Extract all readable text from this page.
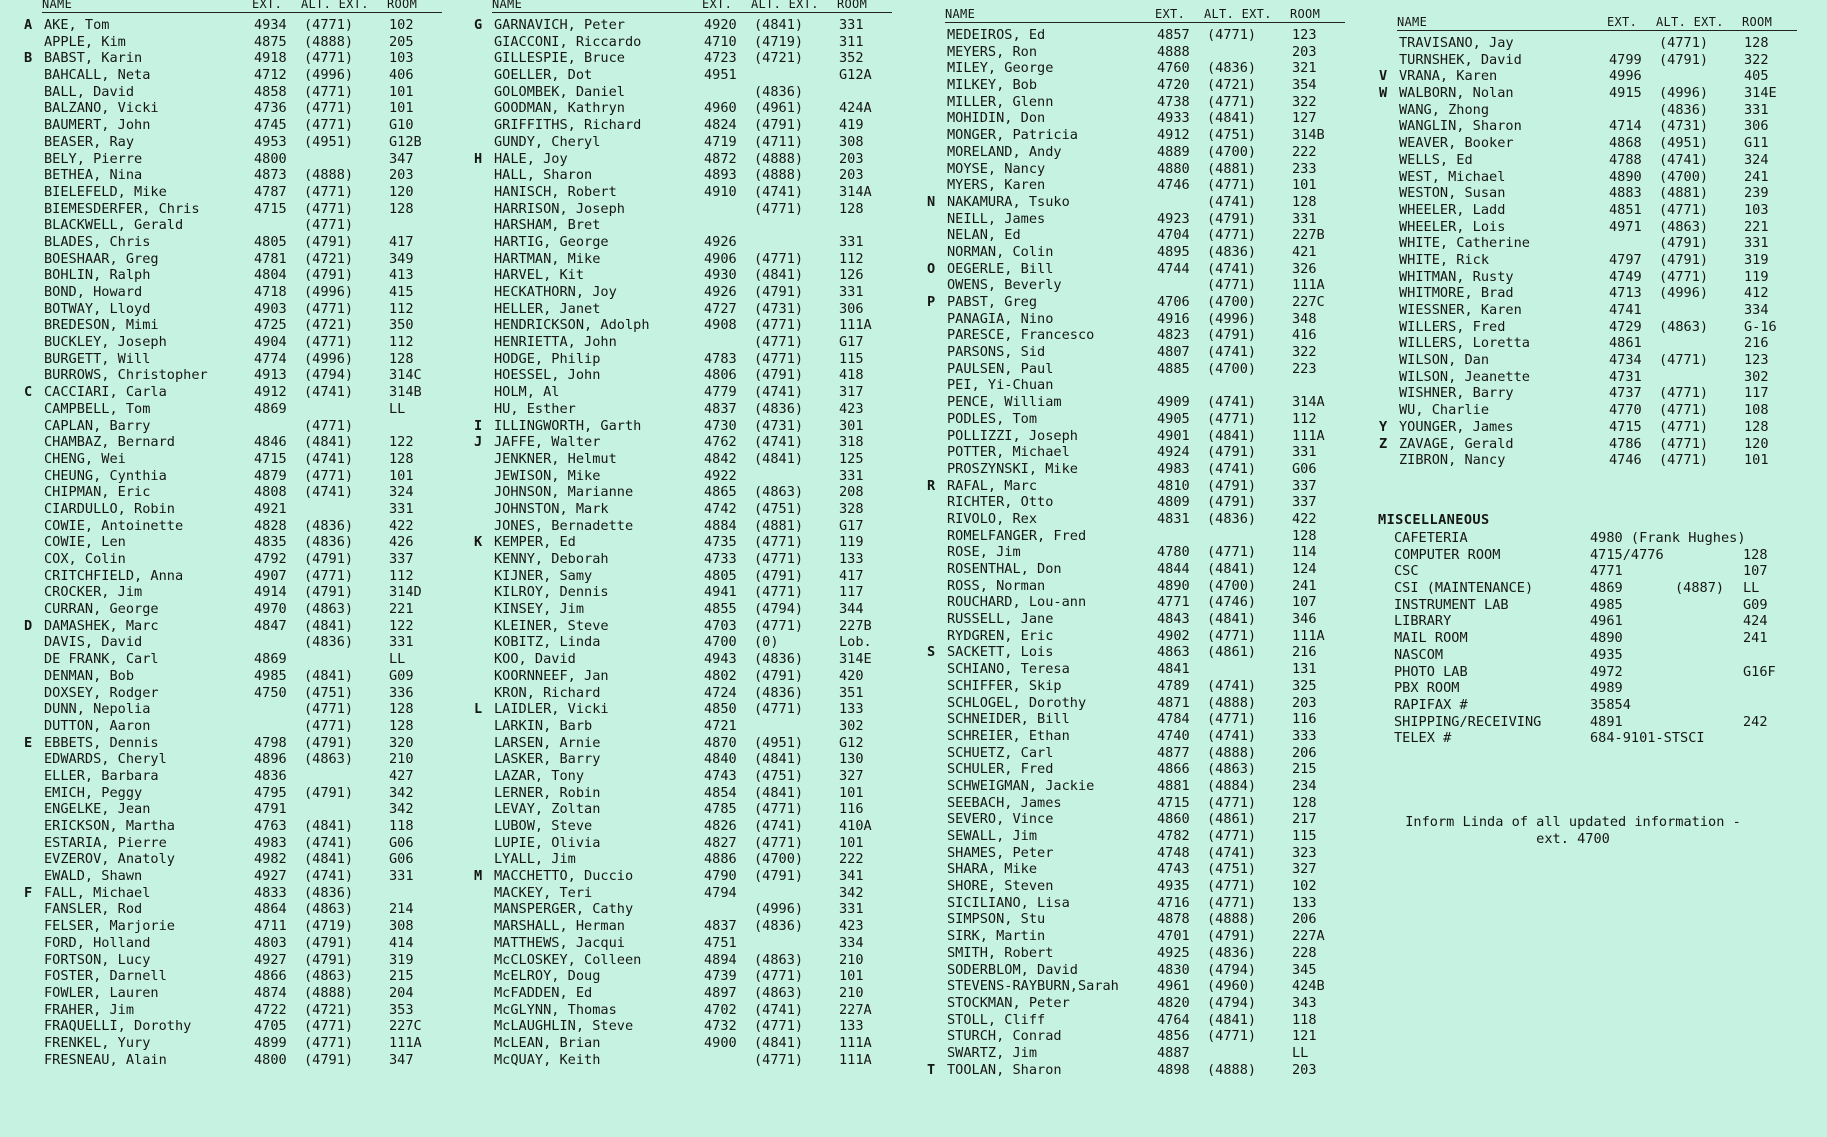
NAME	EXT. ALT. EXT. ROOM
A AKE, Tom	4934 (4771)	102
APPLE, Kim	4875 (4888)	205
B BABST, Karin	4918 (4771)	103
BAHCALL, Neta	4712 (4996)	406
BALL, David	4858 (4771)	101
BALZANO, Vicki	4736 (4771)	101
BAUMERT, John	4745 (4771)	G10
BEASER, Ray	4953 (4951)	G12B
BELY, Pierre	4800	347
BETHEA, Nina	4873 (4888)	203
BIELEFELD, Mike	4787 (4771)	120
BIEMESDERFER, Chris	4715 (4771)	128
BLACKWELL, Gerald	(4771)
BLADES, Chris	4805 (4791)	417
BOESHAAR, Greg	4781 (4721)	349
BOHLIN, Ralph	4804 (4791)	413
BOND, Howard	4718 (4996)	415
BOTWAY, Lloyd	4903 (4771)	112
BREDESON, Mimi	4725 (4721)	350
BUCKLEY, Joseph	4904 (4771)	112
BURGETT, Will	4774 (4996)	128
BURROWS, Christopher	4913 (4794)	314C
C CACCIARI, Carla	4912 (4741)	314B
CAMPBELL, Tom	4869	LL
CAPLAN, Barry	(4771)
CHAMBAZ, Bernard	4846 (4841)	122
CHENG, Wei	4715 (4741)	128
CHEUNG, Cynthia	4879 (4771)	101
CHIPMAN, Eric	4808 (4741)	324
CIARDULLO, Robin	4921	331
COWIE, Antoinette	4828 (4836)	422
COWIE, Len	4835 (4836)	426
COX, Colin	4792 (4791)	337
CRITCHFIELD, Anna	4907 (4771)	112
CROCKER, Jim	4914 (4791)	314D
CURRAN, George	4970 (4863)	221
D DAMASHEK, Marc	4847 (4841)	122
DAVIS, David	(4836)	331
DE FRANK, Carl	4869	LL
DENMAN, Bob	4985 (4841)	G09
DOXSEY, Rodger	4750 (4751)	336
DUNN, Nepolia	(4771)	128
DUTTON, Aaron	(4771)	128
E EBBETS, Dennis	4798 (4791)	320
EDWARDS, Cheryl	4896 (4863)	210
ELLER, Barbara	4836	427
EMICH, Peggy	4795 (4791)	342
ENGELKE, Jean	4791	342
ERICKSON, Martha	4763 (4841)	118
ESTARIA, Pierre	4983 (4741)	G06
EVZEROV, Anatoly	4982 (4841)	G06
EWALD, Shawn	4927 (4741)	331
F FALL, Michael	4833 (4836)
FANSLER, Rod	4864 (4863)	214
FELSER, Marjorie	4711 (4719)	308
FORD, Holland	4803 (4791)	414
FORTSON, Lucy	4927 (4791)	319
FOSTER, Darnell	4866 (4863)	215
FOWLER, Lauren	4874 (4888)	204
FRAHER, Jim	4722 (4721)	353
FRAQUELLI, Dorothy	4705 (4771)	227C
FRENKEL, Yury	4899 (4771)	111A
FRESNEAU, Alain	4800 (4791)	347
NAME	EXT. ALT. EXT. ROOM
G GARNAVICH, Peter	4920 (4841)	331
GIACCONI, Riccardo	4710 (4719)	311
GILLESPIE, Bruce	4723 (4721)	352
GOELLER, Dot	4951	G12A
GOLOMBEK, Daniel	(4836)
GOODMAN, Kathryn	4960 (4961)	424A
GRIFFITHS, Richard	4824 (4791)	419
GUNDY, Cheryl	4719 (4711)	308
H HALE, Joy	4872 (4888)	203
HALL, Sharon	4893 (4888)	203
HANISCH, Robert	4910 (4741)	314A
HARRISON, Joseph	(4771)	128
HARSHAM, Bret
HARTIG, George	4926	331
HARTMAN, Mike	4906 (4771)	112
HARVEL, Kit	4930 (4841)	126
HECKATHORN, Joy	4926 (4791)	331
HELLER, Janet	4727 (4731)	306
HENDRICKSON, Adolph	4908 (4771)	111A
HENRIETTA, John	(4771)	G17
HODGE, Philip	4783 (4771)	115
HOESSEL, John	4806 (4791)	418
HOLM, Al	4779 (4741)	317
HU, Esther	4837 (4836)	423
I ILLINGWORTH, Garth	4730 (4731)	301
J JAFFE, Walter	4762 (4741)	318
JENKNER, Helmut	4842 (4841)	125
JEWISON, Mike	4922	331
JOHNSON, Marianne	4865 (4863)	208
JOHNSTON, Mark	4742 (4751)	328
JONES, Bernadette	4884 (4881)	G17
K KEMPER, Ed	4735 (4771)	119
KENNY, Deborah	4733 (4771)	133
KIJNER, Samy	4805 (4791)	417
KILROY, Dennis	4941 (4771)	117
KINSEY, Jim	4855 (4794)	344
KLEINER, Steve	4703 (4771)	227B
KOBITZ, Linda	4700 (0)	Lob.
KOO, David	4943 (4836)	314E
KOORNNEEF, Jan	4802 (4791)	420
KRON, Richard	4724 (4836)	351
L LAIDLER, Vicki	4850 (4771)	133
LARKIN, Barb	4721	302
LARSEN, Arnie	4870 (4951)	G12
LASKER, Barry	4840 (4841)	130
LAZAR, Tony	4743 (4751)	327
LERNER, Robin	4854 (4841)	101
LEVAY, Zoltan	4785 (4771)	116
LUBOW, Steve	4826 (4741)	410A
LUPIE, Olivia	4827 (4771)	101
LYALL, Jim	4886 (4700)	222
M MACCHETTO, Duccio	4790 (4791)	341
MACKEY, Teri	4794	342
MANSPERGER, Cathy	(4996)	331
MARSHALL, Herman	4837 (4836)	423
MATTHEWS, Jacqui	4751	334
McCLOSKEY, Colleen	4894 (4863)	210
McELROY, Doug	4739 (4771)	101
McFADDEN, Ed	4897 (4863)	210
McGLYNN, Thomas	4702 (4741)	227A
McLAUGHLIN, Steve	4732 (4771)	133
McLEAN, Brian	4900 (4841)	111A
McQUAY, Keith	(4771)	111A
NAME	EXT. ALT. EXT. ROOM
MEDEIROS, Ed	4857 (4771)	123
MEYERS, Ron	4888	203
MILEY, George	4760 (4836)	321
MILKEY, Bob	4720 (4721)	354
MILLER, Glenn	4738 (4771)	322
MOHIDIN, Don	4933 (4841)	127
MONGER, Patricia	4912 (4751)	314B
MORELAND, Andy	4889 (4700)	222
MOYSE, Nancy	4880 (4881)	233
MYERS, Karen	4746 (4771)	101
N NAKAMURA, Tsuko	(4741)	128
NEILL, James	4923 (4791)	331
NELAN, Ed	4704 (4771)	227B
NORMAN, Colin	4895 (4836)	421
O OEGERLE, Bill	4744 (4741)	326
OWENS, Beverly	(4771)	111A
P PABST, Greg	4706 (4700)	227C
PANAGIA, Nino	4916 (4996)	348
PARESCE, Francesco	4823 (4791)	416
PARSONS, Sid	4807 (4741)	322
PAULSEN, Paul	4885 (4700)	223
PEI, Yi-Chuan
PENCE, William	4909 (4741)	314A
PODLES, Tom	4905 (4771)	112
POLLIZZI, Joseph	4901 (4841)	111A
POTTER, Michael	4924 (4791)	331
PROSZYNSKI, Mike	4983 (4741)	G06
R RAFAL, Marc	4810 (4791)	337
RICHTER, Otto	4809 (4791)	337
RIVOLO, Rex	4831 (4836)	422
ROMELFANGER, Fred	128
ROSE, Jim	4780 (4771)	114
ROSENTHAL, Don	4844 (4841)	124
ROSS, Norman	4890 (4700)	241
ROUCHARD, Lou-ann	4771 (4746)	107
RUSSELL, Jane	4843 (4841)	346
RYDGREN, Eric	4902 (4771)	111A
S SACKETT, Lois	4863 (4861)	216
SCHIANO, Teresa	4841	131
SCHIFFER, Skip	4789 (4741)	325
SCHLOGEL, Dorothy	4871 (4888)	203
SCHNEIDER, Bill	4784 (4771)	116
SCHREIER, Ethan	4740 (4741)	333
SCHUETZ, Carl	4877 (4888)	206
SCHULER, Fred	4866 (4863)	215
SCHWEIGMAN, Jackie	4881 (4884)	234
SEEBACH, James	4715 (4771)	128
SEVERO, Vince	4860 (4861)	217
SEWALL, Jim	4782 (4771)	115
SHAMES, Peter	4748 (4741)	323
SHARA, Mike	4743 (4751)	327
SHORE, Steven	4935 (4771)	102
SICILIANO, Lisa	4716 (4771)	133
SIMPSON, Stu	4878 (4888)	206
SIRK, Martin	4701 (4791)	227A
SMITH, Robert	4925 (4836)	228
SODERBLOM, David	4830 (4794)	345
STEVENS-RAYBURN,Sarah	4961 (4960)	424B
STOCKMAN, Peter	4820 (4794)	343
STOLL, Cliff	4764 (4841)	118
STURCH, Conrad	4856 (4771)	121
SWARTZ, Jim	4887	LL
T TOOLAN, Sharon	4898 (4888)	203
NAME	EXT. ALT. EXT. ROOM
TRAVISANO, Jay	(4771)	128
TURNSHEK, David	4799 (4791)	322
V VRANA, Karen	4996	405
W WALBORN, Nolan	4915 (4996)	314E
WANG, Zhong	(4836)	331
WANGLIN, Sharon	4714 (4731)	306
WEAVER, Booker	4868 (4951)	G11
WELLS, Ed	4788 (4741)	324
WEST, Michael	4890 (4700)	241
WESTON, Susan	4883 (4881)	239
WHEELER, Ladd	4851 (4771)	103
WHEELER, Lois	4971 (4863)	221
WHITE, Catherine	(4791)	331
WHITE, Rick	4797 (4791)	319
WHITMAN, Rusty	4749 (4771)	119
WHITMORE, Brad	4713 (4996)	412
WIESSNER, Karen	4741	334
WILLERS, Fred	4729 (4863)	G-16
WILLERS, Loretta	4861	216
WILSON, Dan	4734 (4771)	123
WILSON, Jeanette	4731	302
WISHNER, Barry	4737 (4771)	117
WU, Charlie	4770 (4771)	108
Y YOUNGER, James	4715 (4771)	128
Z ZAVAGE, Gerald	4786 (4771)	120
ZIBRON, Nancy	4746 (4771)	101
MISCELLANEOUS
CAFETERIA	4980 (Frank Hughes)
COMPUTER ROOM	4715/4776	128
CSC	4771	107
CSI (MAINTENANCE)	4869	(4887) LL
INSTRUMENT LAB	4985	G09
LIBRARY	4961	424
MAIL ROOM	4890	241
NASCOM	4935
PHOTO LAB	4972	G16F
PBX ROOM	4989
RAPIFAX #	35854
SHIPPING/RECEIVING	4891	242
TELEX #	684-9101-STSCI
Inform Linda of all updated information -
ext. 4700
